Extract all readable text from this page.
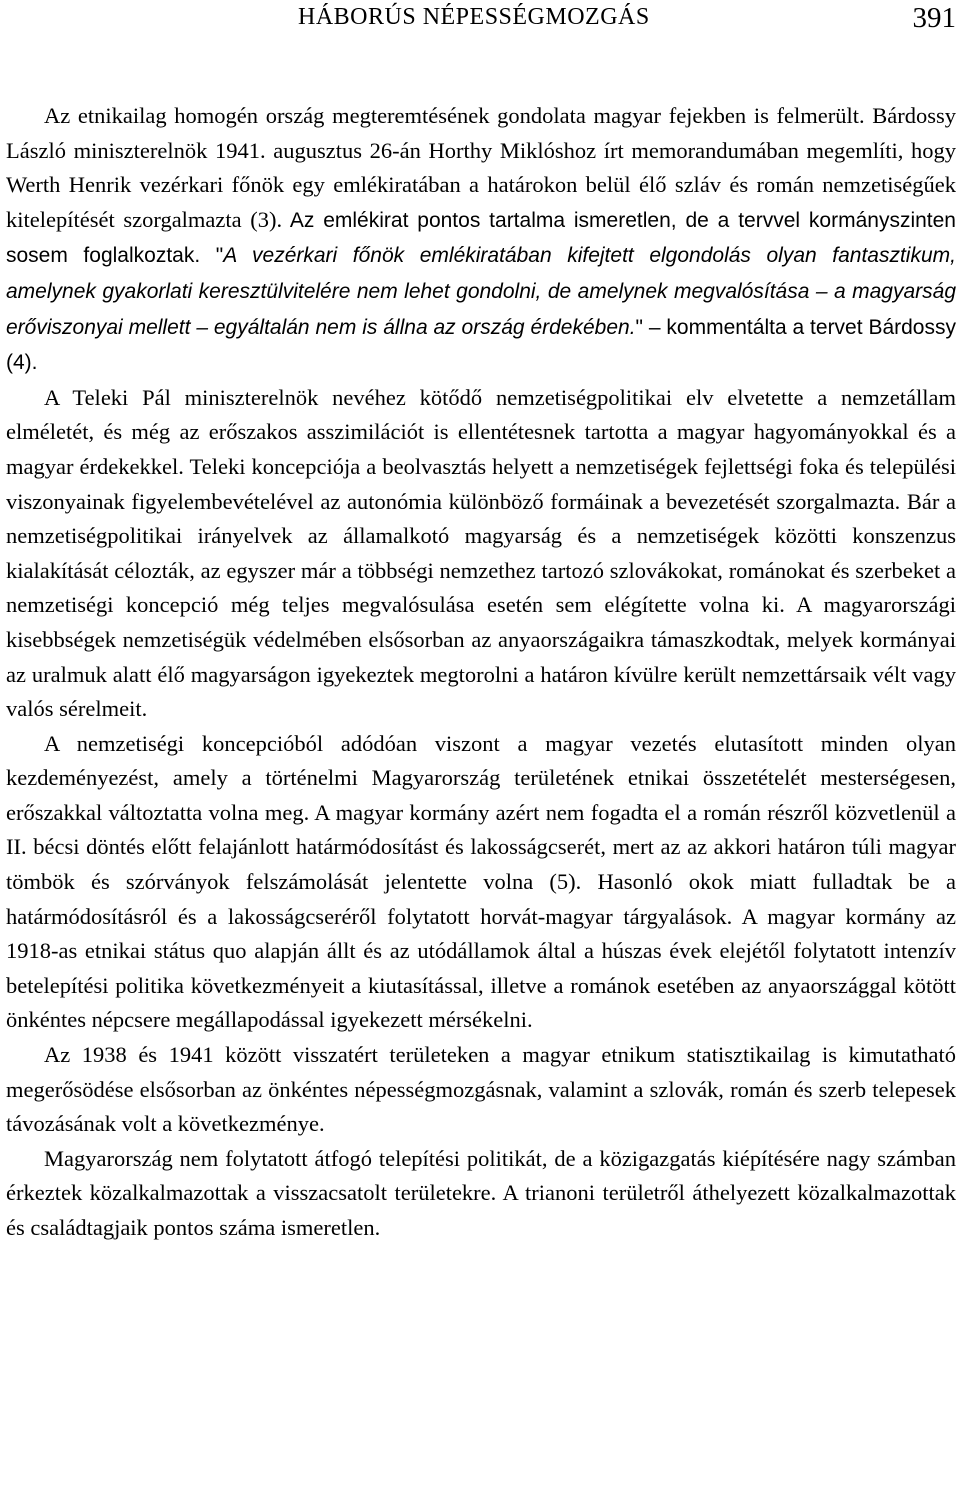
HÁBORÚS NÉPESSÉGMOZGÁS	391

Az etnikailag homogén ország megteremtésének gondolata magyar fejekben is felmerült. Bárdossy László miniszterelnök 1941. augusztus 26-án Horthy Miklóshoz írt memorandumában megemlíti, hogy Werth Henrik vezérkari főnök egy emlékiratában a határokon belül élő szláv és román nemzetiségűek kitelepítését szorgalmazta (3). Az emlékirat pontos tartalma ismeretlen, de a tervvel kormányszinten sosem foglalkoztak. "A vezérkari főnök emlékiratában kifejtett elgondolás olyan fantasztikum, amelynek gyakorlati keresztülvitelére nem lehet gondolni, de amelynek megvalósítása – a magyarság erőviszonyai mellett – egyáltalán nem is állna az ország érdekében." – kommentálta a tervet Bárdossy (4).

A Teleki Pál miniszterelnök nevéhez kötődő nemzetiségpolitikai elv elvetette a nemzetállam elméletét, és még az erőszakos asszimilációt is ellentétesnek tartotta a magyar hagyományokkal és a magyar érdekekkel. Teleki koncepciója a beolvasztás helyett a nemzetiségek fejlettségi foka és települési viszonyainak figyelembevételével az autonómia különböző formáinak a bevezetését szorgalmazta. Bár a nemzetiségpolitikai irányelvek az államalkotó magyarság és a nemzetiségek közötti konszenzus kialakítását célozták, az egyszer már a többségi nemzethez tartozó szlovákokat, románokat és szerbeket a nemzetiségi koncepció még teljes megvalósulása esetén sem elégítette volna ki. A magyarországi kisebbségek nemzetiségük védelmében elsősorban az anyaországaikra támaszkodtak, melyek kormányai az uralmuk alatt élő magyarságon igyekeztek megtorolni a határon kívülre került nemzettársaik vélt vagy valós sérelmeit.

A nemzetiségi koncepcióból adódóan viszont a magyar vezetés elutasított minden olyan kezdeményezést, amely a történelmi Magyarország területének etnikai összetételét mesterségesen, erőszakkal változtatta volna meg. A magyar kormány azért nem fogadta el a román részről közvetlenül a II. bécsi döntés előtt felajánlott határmódosítást és lakosságcserét, mert az az akkori határon túli magyar tömbök és szórványok felszámolását jelentette volna (5). Hasonló okok miatt fulladtak be a határmódosításról és a lakosságcseréről folytatott horvát-magyar tárgyalások. A magyar kormány az 1918-as etnikai státus quo alapján állt és az utódállamok által a húszas évek elejétől folytatott intenzív betelepítési politika következményeit a kiutasítással, illetve a románok esetében az anyaországgal kötött önkéntes népcsere megállapodással igyekezett mérsékelni.

Az 1938 és 1941 között visszatért területeken a magyar etnikum statisztikailag is kimutatható megerősödése elsősorban az önkéntes népességmozgásnak, valamint a szlovák, román és szerb telepesek távozásának volt a következménye.

Magyarország nem folytatott átfogó telepítési politikát, de a közigazgatás kiépítésére nagy számban érkeztek közalkalmazottak a visszacsatolt területekre. A trianoni területről áthelyezett közalkalmazottak és családtagjaik pontos száma ismeretlen.
